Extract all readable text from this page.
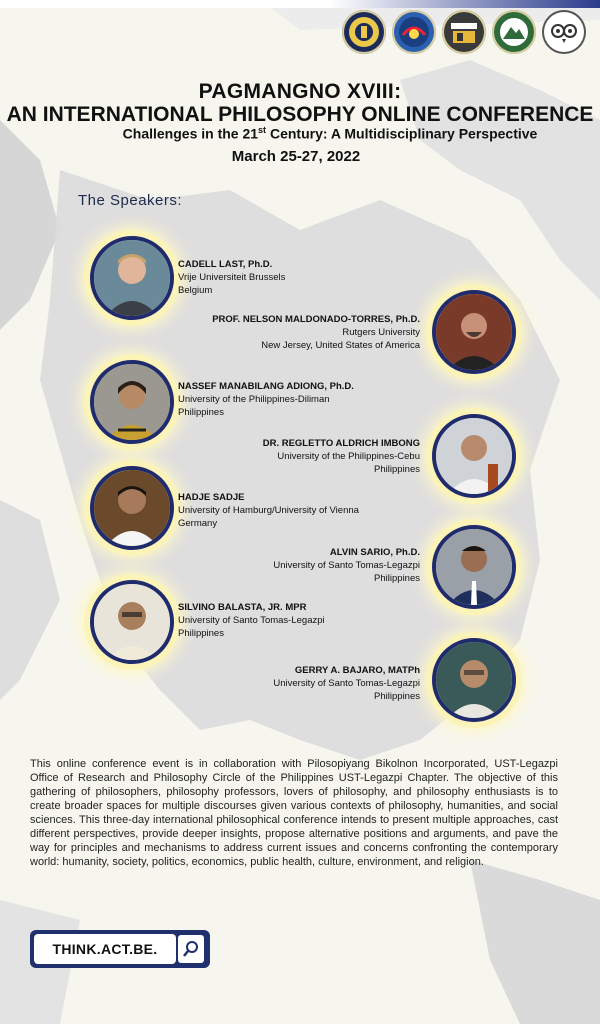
PAGMANGNO XVIII:
AN INTERNATIONAL PHILOSOPHY ONLINE CONFERENCE
Challenges in the 21st Century: A Multidisciplinary Perspective
March 25-27, 2022
The Speakers:
CADELL LAST, Ph.D.
Vrije Universiteit Brussels
Belgium
PROF. NELSON MALDONADO-TORRES, Ph.D.
Rutgers University
New Jersey, United States of America
NASSEF MANABILANG ADIONG, Ph.D.
University of the Philippines-Diliman
Philippines
DR. REGLETTO ALDRICH IMBONG
University of the Philippines-Cebu
Philippines
HADJE SADJE
University of Hamburg/University of Vienna
Germany
ALVIN SARIO, Ph.D.
University of Santo Tomas-Legazpi
Philippines
SILVINO BALASTA, JR. MPR
University of Santo Tomas-Legazpi
Philippines
GERRY A. BAJARO, MATPh
University of Santo Tomas-Legazpi
Philippines
This online conference event is in collaboration with Pilosopiyang Bikolnon Incorporated, UST-Legazpi Office of Research and Philosophy Circle of the Philippines UST-Legazpi Chapter. The objective of this gathering of philosophers, philosophy professors, lovers of philosophy, and philosophy enthusiasts is to create broader spaces for multiple discourses given various contexts of philosophy, humanities, and social sciences. This three-day international philosophical conference intends to present multiple approaches, cast different perspectives, provide deeper insights, propose alternative positions and arguments, and pave the way for principles and mechanisms to address current issues and concerns confronting the contemporary world: humanity, society, politics, economics, public health, culture, environment, and religion.
THINK.ACT.BE.
